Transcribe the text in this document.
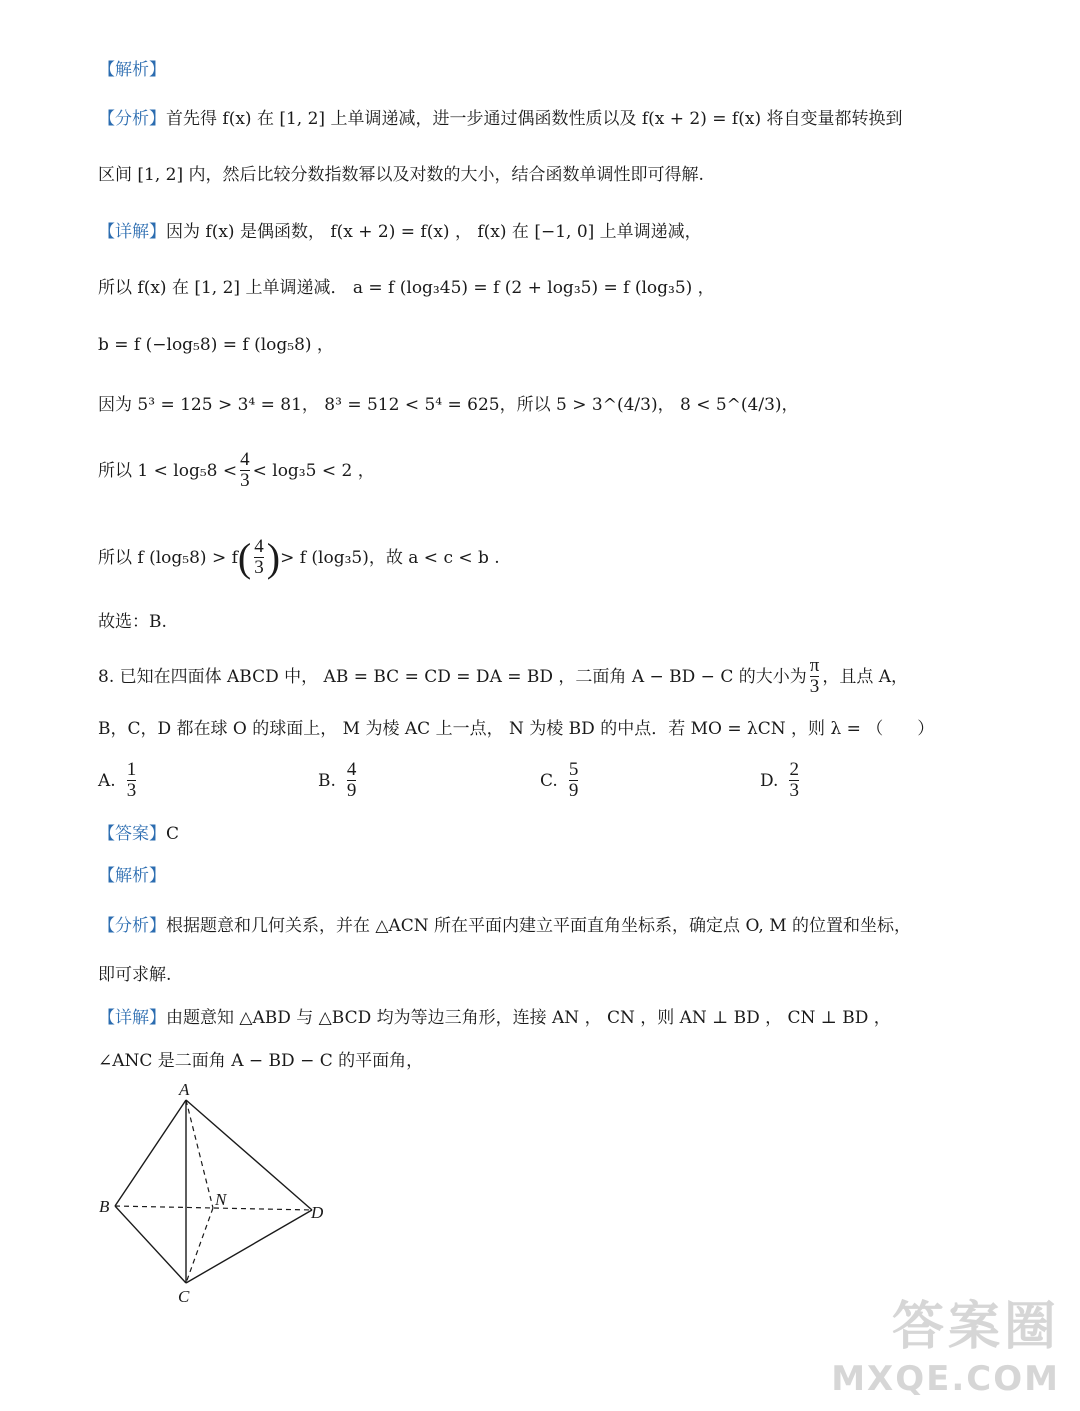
【解析】
【分析】首先得 f(x) 在 [1, 2] 上单调递减，进一步通过偶函数性质以及 f(x + 2) = f(x) 将自变量都转换到
区间 [1, 2] 内，然后比较分数指数幂以及对数的大小，结合函数单调性即可得解.
【详解】因为 f(x) 是偶函数， f(x + 2) = f(x) ， f(x) 在 [−1, 0] 上单调递减，
所以 f(x) 在 [1, 2] 上单调递减． a = f (log₃45) = f (2 + log₃5) = f (log₃5) ，
b = f (−log₅8) = f (log₅8) ，
因为 5³ = 125 > 3⁴ = 81， 8³ = 512 < 5⁴ = 625，所以 5 > 3^(4/3)， 8 < 5^(4/3)，
所以 $1 < \log_58 < \frac{4}{3} < \log_35 < 2$ ，
所以 f (log₅8) > f ( $\frac{4}{3}$ ) > f (log₃5)，故 a < c < b .
故选：B.
8. 已知在四面体 ABCD 中， AB = BC = CD = DA = BD ，二面角 A − BD − C 的大小为 $\frac{\pi}{3}$ ，且点 A，
B，C，D 都在球 O 的球面上， M 为棱 AC 上一点， N 为棱 BD 的中点．若 MO = λCN ，则 λ = （　　）
A. $\frac{1}{3}$	B. $\frac{4}{9}$	C. $\frac{5}{9}$	D. $\frac{2}{3}$
【答案】C
【解析】
【分析】根据题意和几何关系，并在 △ACN 所在平面内建立平面直角坐标系，确定点 O, M 的位置和坐标，
即可求解.
【详解】由题意知 △ABD 与 △BCD 均为等边三角形，连接 AN ， CN ，则 AN ⊥ BD ， CN ⊥ BD ，
∠ANC 是二面角 A − BD − C 的平面角，
A
B
C
D
N
答案圈
MXQE.COM
